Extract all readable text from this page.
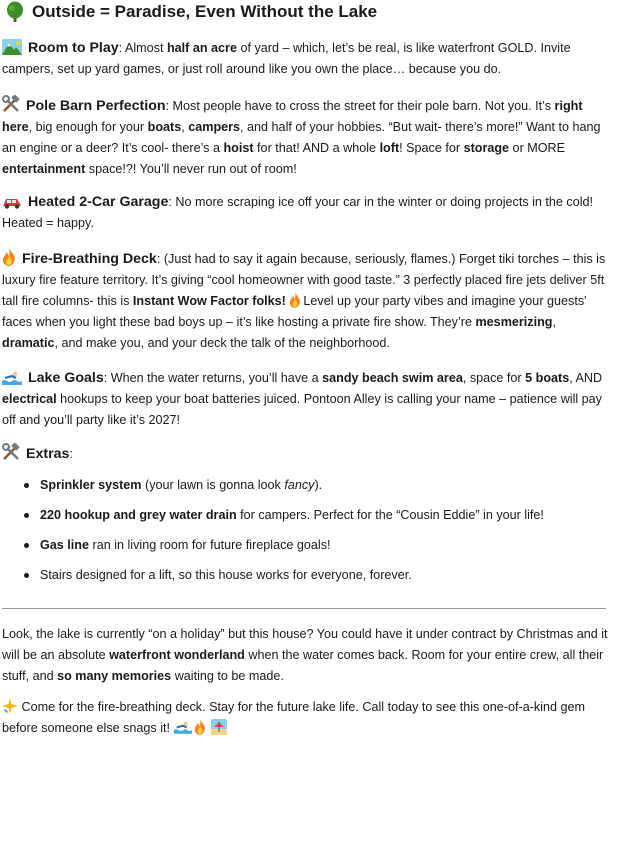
Outside = Paradise, Even Without the Lake
Room to Play: Almost half an acre of yard – which, let’s be real, is like waterfront GOLD. Invite campers, set up yard games, or just roll around like you own the place… because you do.
Pole Barn Perfection: Most people have to cross the street for their pole barn. Not you. It’s right here, big enough for your boats, campers, and half of your hobbies. “But wait- there’s more!” Want to hang an engine or a deer? It’s cool- there’s a hoist for that! AND a whole loft! Space for storage or MORE entertainment space!?! You’ll never run out of room!
Heated 2-Car Garage: No more scraping ice off your car in the winter or doing projects in the cold! Heated = happy.
Fire-Breathing Deck: (Just had to say it again because, seriously, flames.) Forget tiki torches – this is luxury fire feature territory. It’s giving “cool homeowner with good taste.” 3 perfectly placed fire jets deliver 5ft tall fire columns- this is Instant Wow Factor folks! Level up your party vibes and imagine your guests' faces when you light these bad boys up – it’s like hosting a private fire show. They’re mesmerizing, dramatic, and make you, and your deck the talk of the neighborhood.
Lake Goals: When the water returns, you’ll have a sandy beach swim area, space for 5 boats, AND electrical hookups to keep your boat batteries juiced. Pontoon Alley is calling your name – patience will pay off and you’ll party like it’s 2027!
Extras:
Sprinkler system (your lawn is gonna look fancy).
220 hookup and grey water drain for campers. Perfect for the “Cousin Eddie” in your life!
Gas line ran in living room for future fireplace goals!
Stairs designed for a lift, so this house works for everyone, forever.
Look, the lake is currently “on a holiday” but this house? You could have it under contract by Christmas and it will be an absolute waterfront wonderland when the water comes back. Room for your entire crew, all their stuff, and so many memories waiting to be made.
Come for the fire-breathing deck. Stay for the future lake life. Call today to see this one-of-a-kind gem before someone else snags it!
